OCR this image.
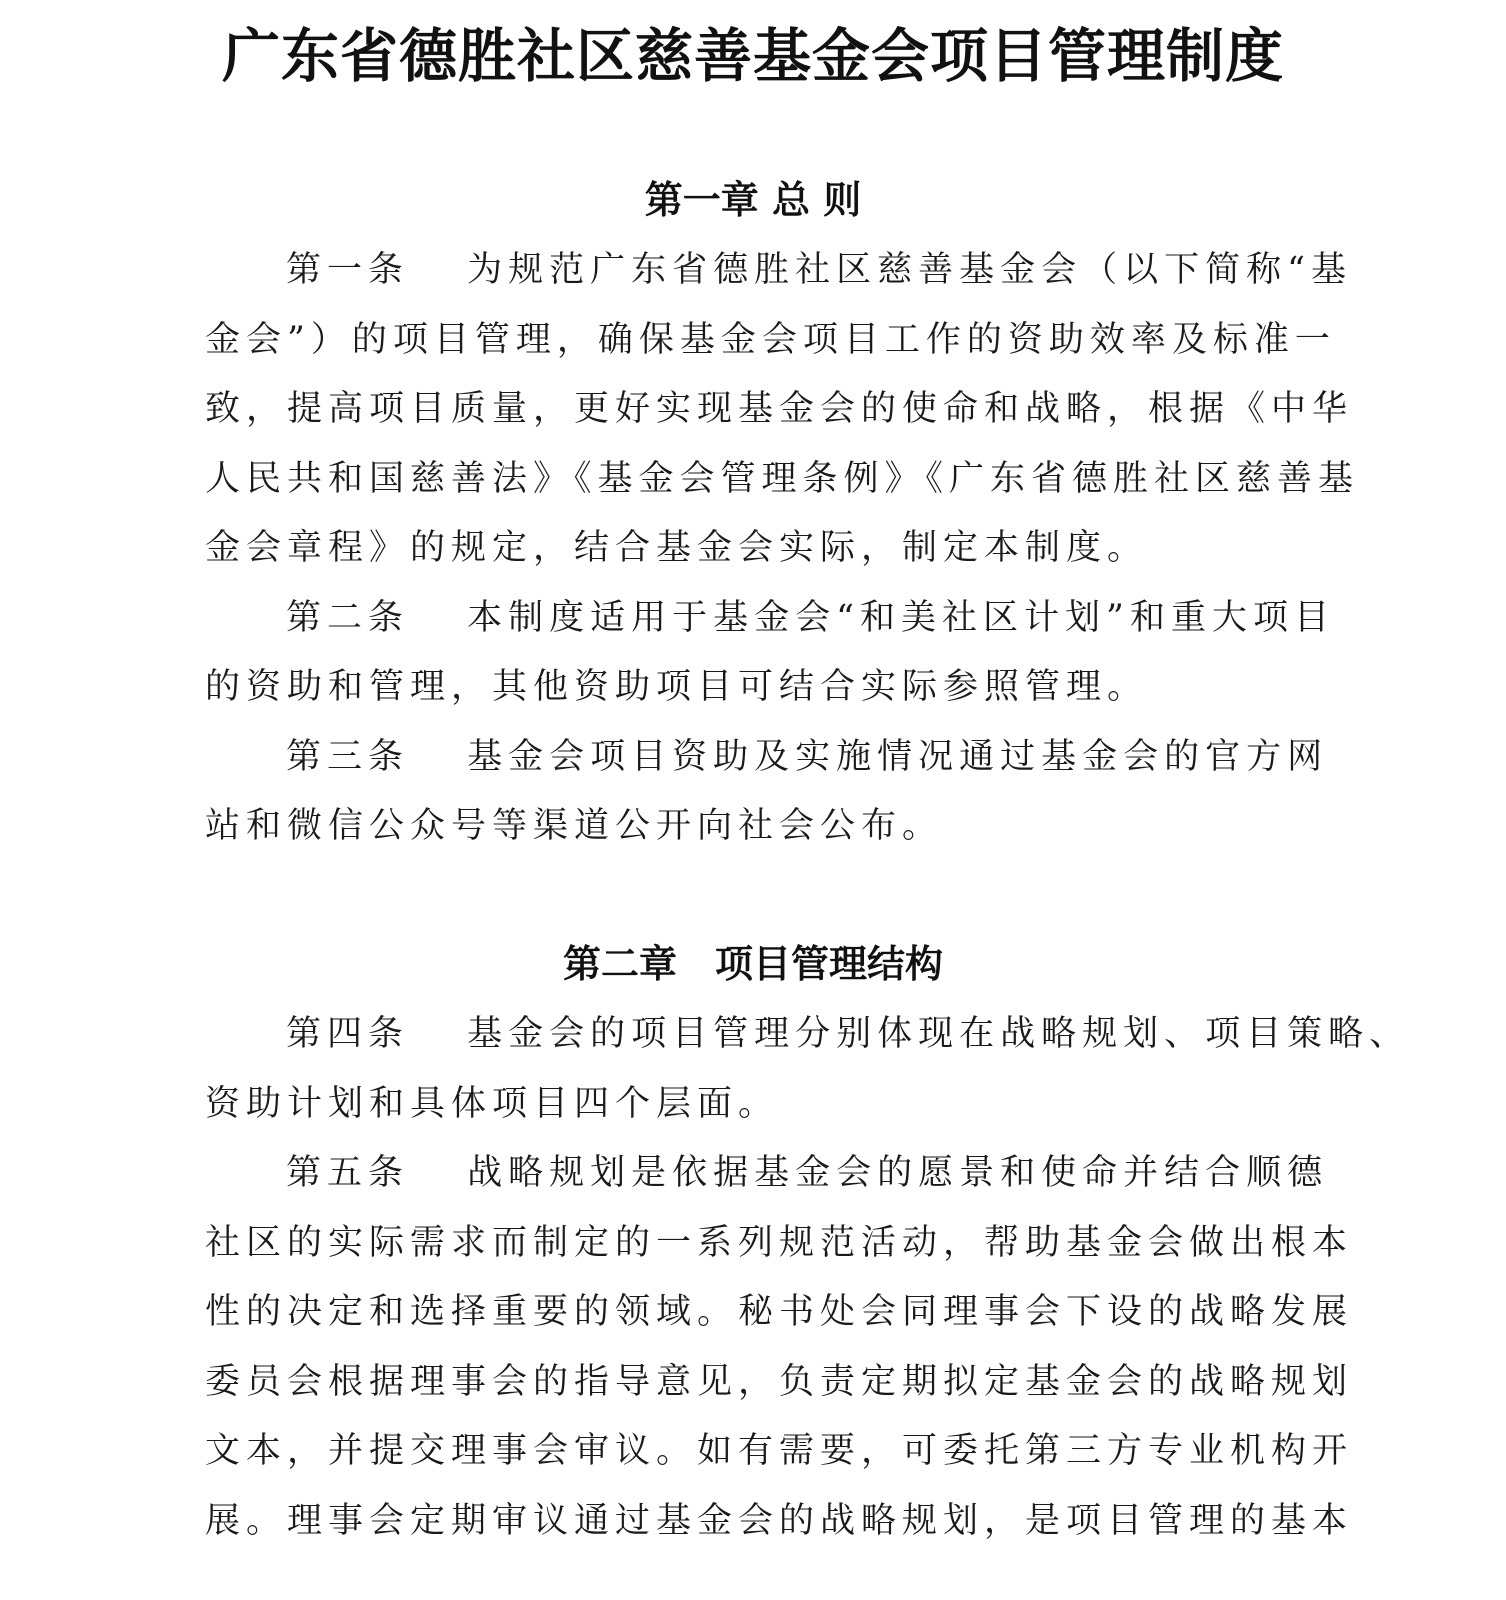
广东省德胜社区慈善基金会项目管理制度
第一章 总 则
第一条　 为规范广东省德胜社区慈善基金会（以下简称“基
金会”）的项目管理，确保基金会项目工作的资助效率及标准一
致，提高项目质量，更好实现基金会的使命和战略，根据《中华
人民共和国慈善法》《基金会管理条例》《广东省德胜社区慈善基
金会章程》的规定，结合基金会实际，制定本制度。
第二条　 本制度适用于基金会“和美社区计划”和重大项目
的资助和管理，其他资助项目可结合实际参照管理。
第三条　 基金会项目资助及实施情况通过基金会的官方网
站和微信公众号等渠道公开向社会公布。
第二章　项目管理结构
第四条　 基金会的项目管理分别体现在战略规划、项目策略、
资助计划和具体项目四个层面。
第五条　 战略规划是依据基金会的愿景和使命并结合顺德
社区的实际需求而制定的一系列规范活动，帮助基金会做出根本
性的决定和选择重要的领域。秘书处会同理事会下设的战略发展
委员会根据理事会的指导意见，负责定期拟定基金会的战略规划
文本，并提交理事会审议。如有需要，可委托第三方专业机构开
展。理事会定期审议通过基金会的战略规划，是项目管理的基本
